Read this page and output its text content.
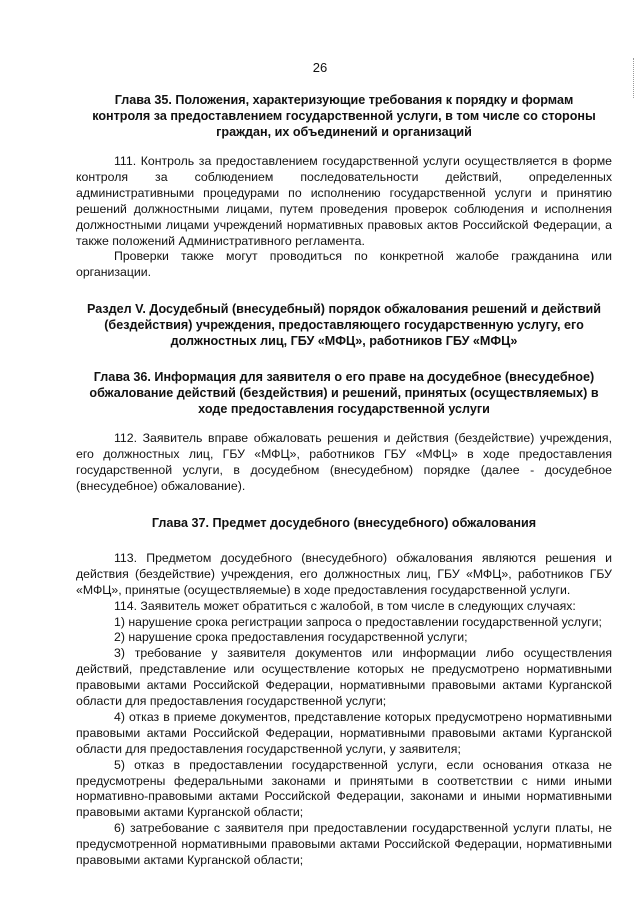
26

Глава 35. Положения, характеризующие требования к порядку и формам контроля за предоставлением государственной услуги, в том числе со стороны граждан, их объединений и организаций

111. Контроль за предоставлением государственной услуги осуществляется в форме контроля за соблюдением последовательности действий, определенных административными процедурами по исполнению государственной услуги и принятию решений должностными лицами, путем проведения проверок соблюдения и исполнения должностными лицами учреждений нормативных правовых актов Российской Федерации, а также положений Административного регламента.

Проверки также могут проводиться по конкретной жалобе гражданина или организации.

Раздел V. Досудебный (внесудебный) порядок обжалования решений и действий (бездействия) учреждения, предоставляющего государственную услугу, его должностных лиц, ГБУ «МФЦ», работников ГБУ «МФЦ»

Глава 36. Информация для заявителя о его праве на досудебное (внесудебное) обжалование действий (бездействия) и решений, принятых (осуществляемых) в ходе предоставления государственной услуги

112. Заявитель вправе обжаловать решения и действия (бездействие) учреждения, его должностных лиц, ГБУ «МФЦ», работников ГБУ «МФЦ» в ходе предоставления государственной услуги, в досудебном (внесудебном) порядке (далее - досудебное (внесудебное) обжалование).

Глава 37. Предмет досудебного (внесудебного) обжалования

113. Предметом досудебного (внесудебного) обжалования являются решения и действия (бездействие) учреждения, его должностных лиц, ГБУ «МФЦ», работников ГБУ «МФЦ», принятые (осуществляемые) в ходе предоставления государственной услуги.

114. Заявитель может обратиться с жалобой, в том числе в следующих случаях:

1) нарушение срока регистрации запроса о предоставлении государственной услуги;

2) нарушение срока предоставления государственной услуги;

3) требование у заявителя документов или информации либо осуществления действий, представление или осуществление которых не предусмотрено нормативными правовыми актами Российской Федерации, нормативными правовыми актами Курганской области для предоставления государственной услуги;

4) отказ в приеме документов, представление которых предусмотрено нормативными правовыми актами Российской Федерации, нормативными правовыми актами Курганской области для предоставления государственной услуги, у заявителя;

5) отказ в предоставлении государственной услуги, если основания отказа не предусмотрены федеральными законами и принятыми в соответствии с ними иными нормативно-правовыми актами Российской Федерации, законами и иными нормативными правовыми актами Курганской области;

6) затребование с заявителя при предоставлении государственной услуги платы, не предусмотренной нормативными правовыми актами Российской Федерации, нормативными правовыми актами Курганской области;
